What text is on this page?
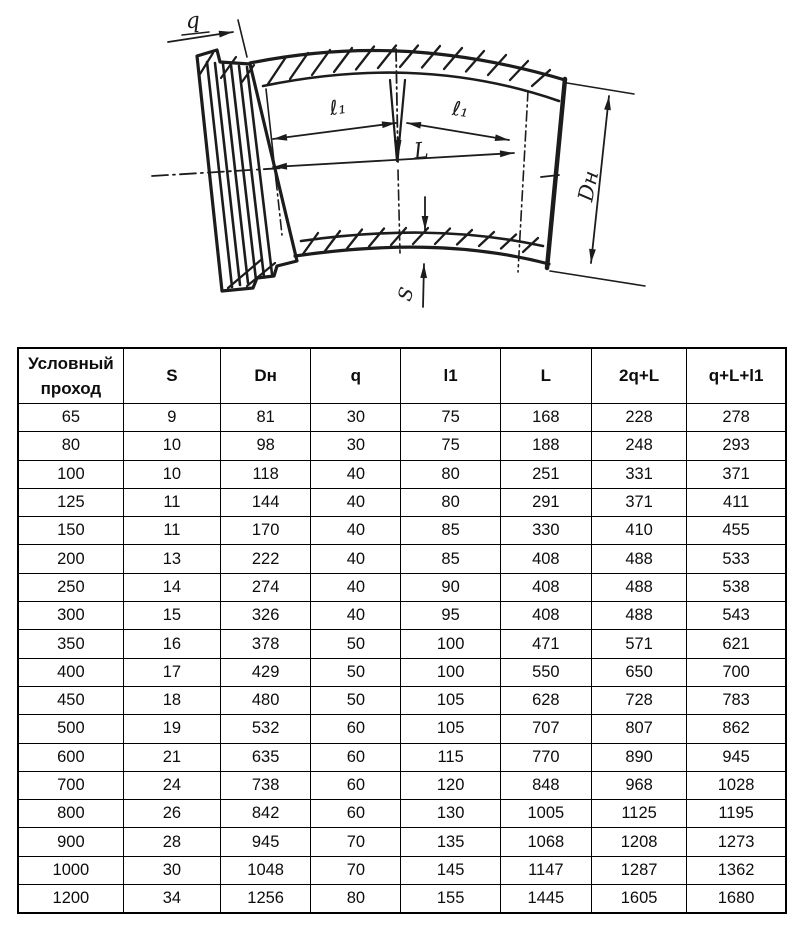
q
ℓ₁	ℓ₁
L
Dн
S
Условный проход	S	Dн	q	l1	L	2q+L	q+L+l1
65	9	81	30	75	168	228	278
80	10	98	30	75	188	248	293
100	10	118	40	80	251	331	371
125	11	144	40	80	291	371	411
150	11	170	40	85	330	410	455
200	13	222	40	85	408	488	533
250	14	274	40	90	408	488	538
300	15	326	40	95	408	488	543
350	16	378	50	100	471	571	621
400	17	429	50	100	550	650	700
450	18	480	50	105	628	728	783
500	19	532	60	105	707	807	862
600	21	635	60	115	770	890	945
700	24	738	60	120	848	968	1028
800	26	842	60	130	1005	1125	1195
900	28	945	70	135	1068	1208	1273
1000	30	1048	70	145	1147	1287	1362
1200	34	1256	80	155	1445	1605	1680
